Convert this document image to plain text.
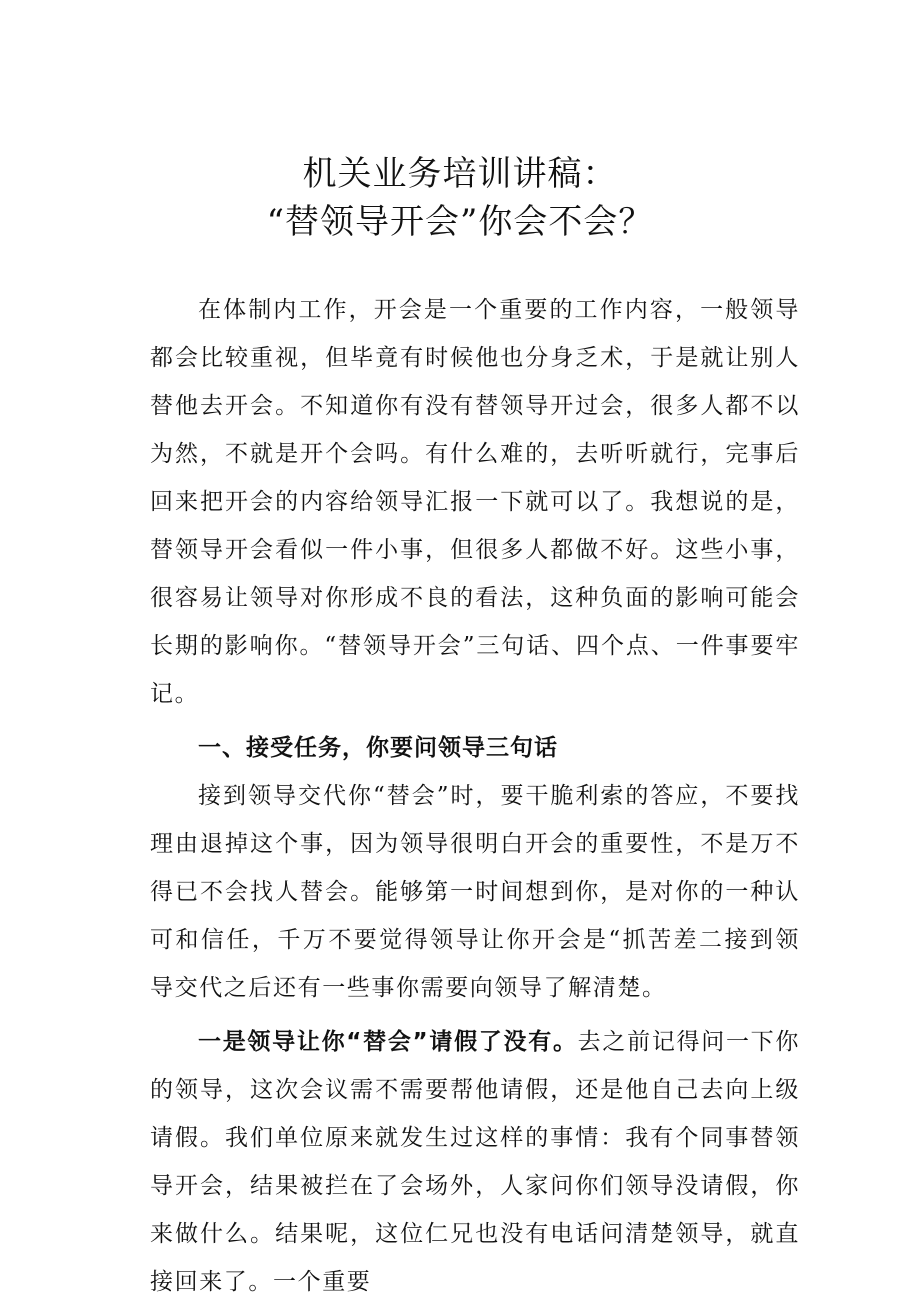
机关业务培训讲稿：

“替领导开会”你会不会？

在体制内工作，开会是一个重要的工作内容，一般领导都会比较重视，但毕竟有时候他也分身乏术，于是就让别人替他去开会。不知道你有没有替领导开过会，很多人都不以为然，不就是开个会吗。有什么难的，去听听就行，完事后回来把开会的内容给领导汇报一下就可以了。我想说的是，替领导开会看似一件小事，但很多人都做不好。这些小事，很容易让领导对你形成不良的看法，这种负面的影响可能会长期的影响你。“替领导开会”三句话、四个点、一件事要牢记。

一、接受任务，你要问领导三句话

接到领导交代你“替会”时，要干脆利索的答应，不要找理由退掉这个事，因为领导很明白开会的重要性，不是万不得已不会找人替会。能够第一时间想到你，是对你的一种认可和信任，千万不要觉得领导让你开会是“抓苦差二接到领导交代之后还有一些事你需要向领导了解清楚。

一是领导让你“替会”请假了没有。去之前记得问一下你的领导，这次会议需不需要帮他请假，还是他自己去向上级请假。我们单位原来就发生过这样的事情：我有个同事替领导开会，结果被拦在了会场外，人家问你们领导没请假，你来做什么。结果呢，这位仁兄也没有电话问清楚领导，就直接回来了。一个重要
